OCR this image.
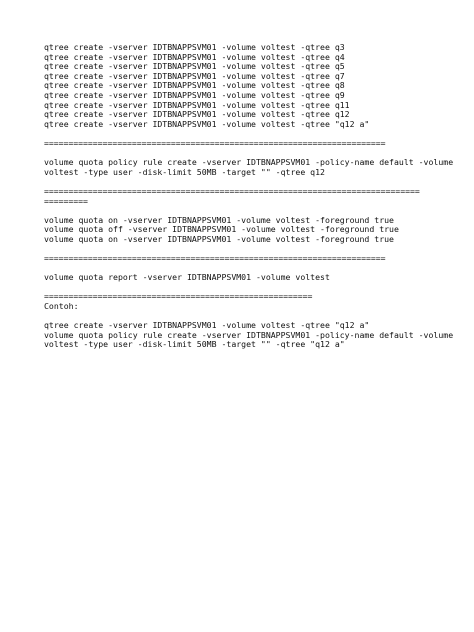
qtree create -vserver IDTBNAPPSVM01 -volume voltest -qtree q3
qtree create -vserver IDTBNAPPSVM01 -volume voltest -qtree q4
qtree create -vserver IDTBNAPPSVM01 -volume voltest -qtree q5
qtree create -vserver IDTBNAPPSVM01 -volume voltest -qtree q7
qtree create -vserver IDTBNAPPSVM01 -volume voltest -qtree q8
qtree create -vserver IDTBNAPPSVM01 -volume voltest -qtree q9
qtree create -vserver IDTBNAPPSVM01 -volume voltest -qtree q11
qtree create -vserver IDTBNAPPSVM01 -volume voltest -qtree q12
qtree create -vserver IDTBNAPPSVM01 -volume voltest -qtree "q12 a"
======================================================================
volume quota policy rule create -vserver IDTBNAPPSVM01 -policy-name default -volume
voltest -type user -disk-limit 50MB -target "" -qtree q12
=============================================================================
=========
volume quota on -vserver IDTBNAPPSVM01 -volume voltest -foreground true
volume quota off -vserver IDTBNAPPSVM01 -volume voltest -foreground true
volume quota on -vserver IDTBNAPPSVM01 -volume voltest -foreground true
======================================================================
volume quota report -vserver IDTBNAPPSVM01 -volume voltest
=======================================================
Contoh:
qtree create -vserver IDTBNAPPSVM01 -volume voltest -qtree "q12 a"
volume quota policy rule create -vserver IDTBNAPPSVM01 -policy-name default -volume
voltest -type user -disk-limit 50MB -target "" -qtree "q12 a"
